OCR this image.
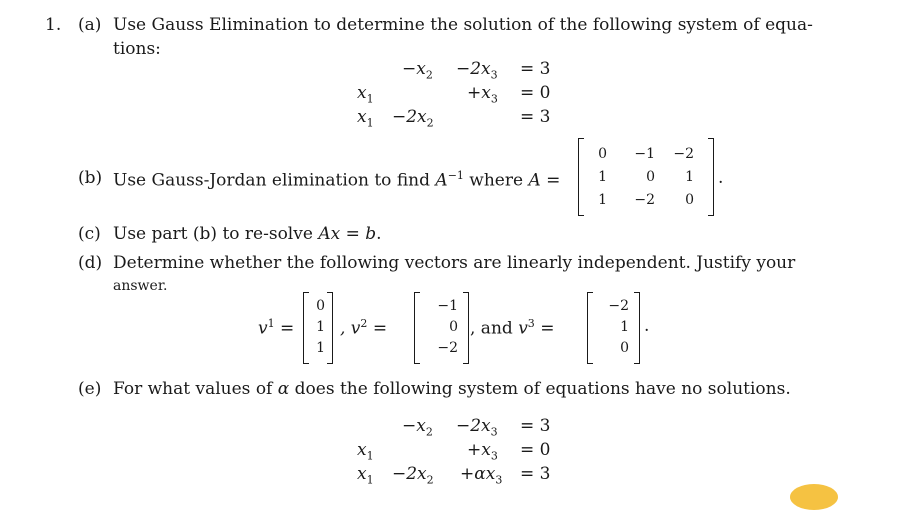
1. (a) Use Gauss Elimination to determine the solution of the following system of equa-
tions:
$-x_2 -2x_3 = 3$
$x_1$	$+x_3 = 0$
$x_1 -2x_2$	= 3
(b) Use Gauss-Jordan elimination to find $A^{-1}$ where A =
0	−1	−2
1	0	1
1	−2	0
.
(c) Use part (b) to re-solve Ax = b.
(d) Determine whether the following vectors are linearly independent. Justify your
answer.
$v^1$ =
0
1
1
, $v^2$ =
−1
0
−2
, and $v^3$ =
−2
1
0
.
(e) For what values of α does the following system of equations have no solutions.
$-x_2 -2x_3 = 3$
$x_1$	$+x_3 = 0$
$x_1 -2x_2 +\alpha x_3 = 3$
